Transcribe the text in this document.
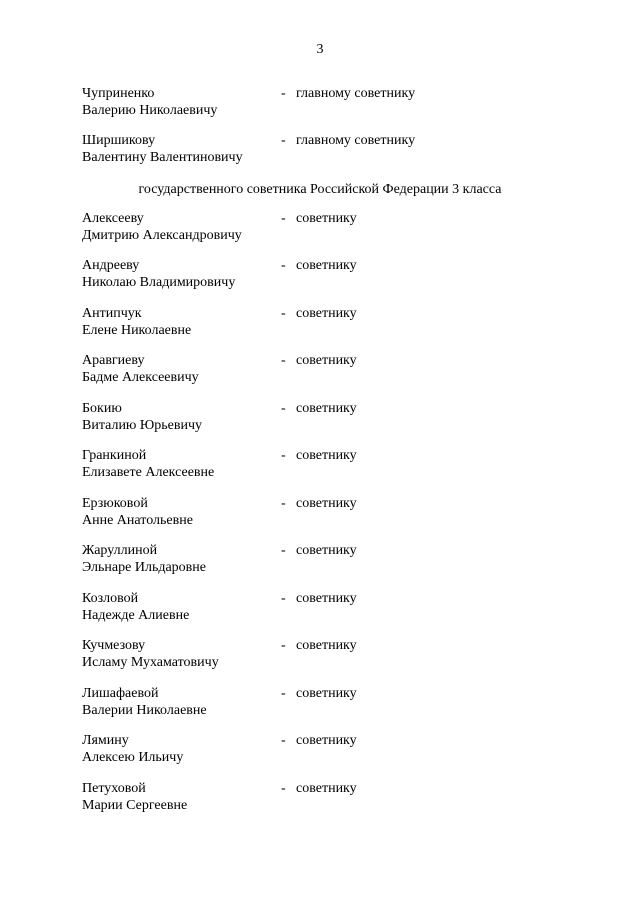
3
Чуприненко
Валерию Николаевичу
- главному советнику
Ширшикову
Валентину Валентиновичу
- главному советнику
государственного советника Российской Федерации 3 класса
Алексееву
Дмитрию Александровичу
- советнику
Андрееву
Николаю Владимировичу
- советнику
Антипчук
Елене Николаевне
- советнику
Аравгиеву
Бадме Алексеевичу
- советнику
Бокию
Виталию Юрьевичу
- советнику
Гранкиной
Елизавете Алексеевне
- советнику
Ерзюковой
Анне Анатольевне
- советнику
Жаруллиной
Эльнаре Ильдаровне
- советнику
Козловой
Надежде Алиевне
- советнику
Кучмезову
Исламу Мухаматовичу
- советнику
Лишафаевой
Валерии Николаевне
- советнику
Лямину
Алексею Ильичу
- советнику
Петуховой
Марии Сергеевне
- советнику
